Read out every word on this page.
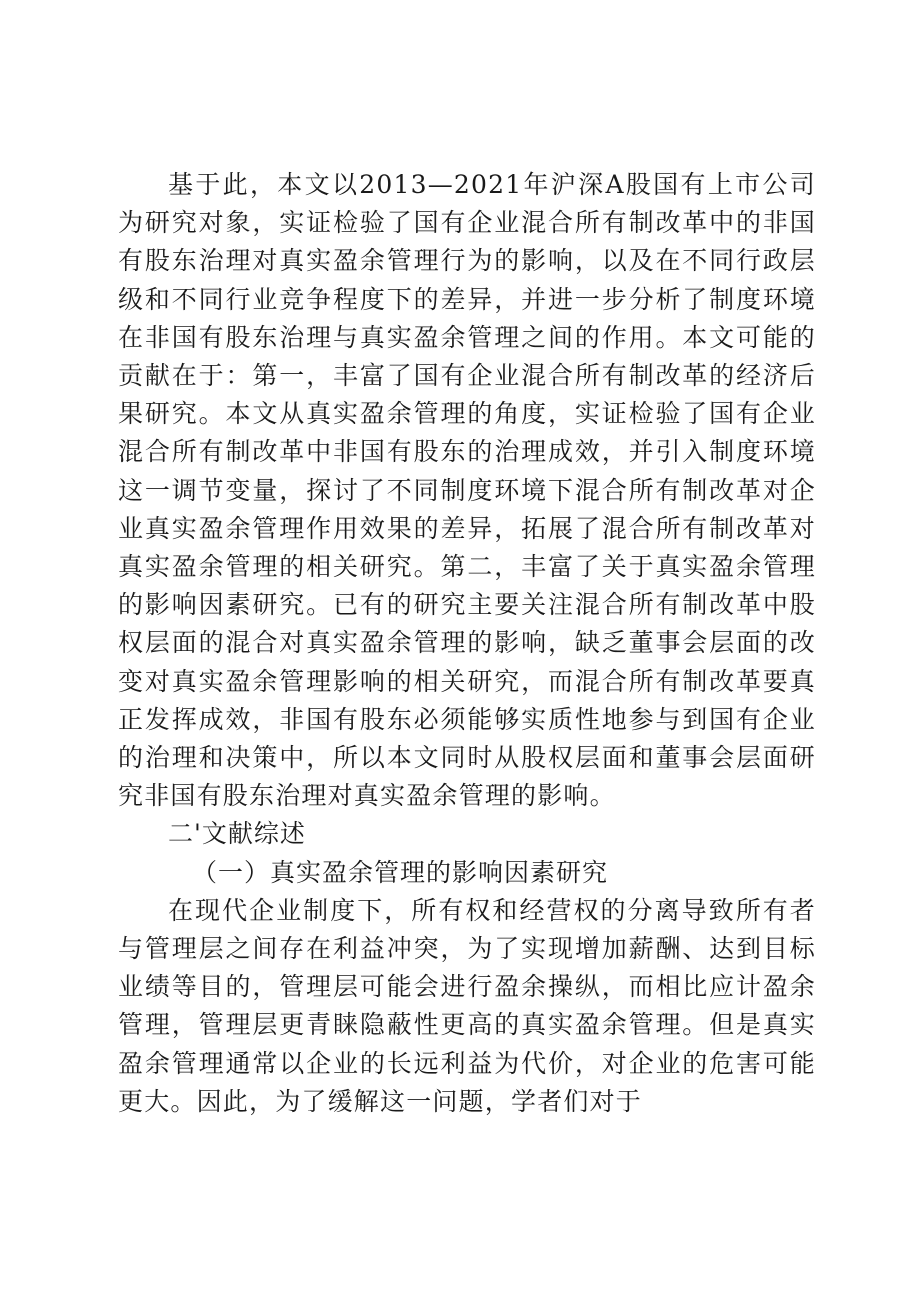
基于此，本文以2013—2021年沪深A股国有上市公司为研究对象，实证检验了国有企业混合所有制改革中的非国有股东治理对真实盈余管理行为的影响，以及在不同行政层级和不同行业竞争程度下的差异，并进一步分析了制度环境在非国有股东治理与真实盈余管理之间的作用。本文可能的贡献在于：第一，丰富了国有企业混合所有制改革的经济后果研究。本文从真实盈余管理的角度，实证检验了国有企业混合所有制改革中非国有股东的治理成效，并引入制度环境这一调节变量，探讨了不同制度环境下混合所有制改革对企业真实盈余管理作用效果的差异，拓展了混合所有制改革对真实盈余管理的相关研究。第二，丰富了关于真实盈余管理的影响因素研究。已有的研究主要关注混合所有制改革中股权层面的混合对真实盈余管理的影响，缺乏董事会层面的改变对真实盈余管理影响的相关研究，而混合所有制改革要真正发挥成效，非国有股东必须能够实质性地参与到国有企业的治理和决策中，所以本文同时从股权层面和董事会层面研究非国有股东治理对真实盈余管理的影响。

二'文献综述

（一）真实盈余管理的影响因素研究

在现代企业制度下，所有权和经营权的分离导致所有者与管理层之间存在利益冲突，为了实现增加薪酬、达到目标业绩等目的，管理层可能会进行盈余操纵，而相比应计盈余管理，管理层更青睐隐蔽性更高的真实盈余管理。但是真实盈余管理通常以企业的长远利益为代价，对企业的危害可能更大。因此，为了缓解这一问题，学者们对于
